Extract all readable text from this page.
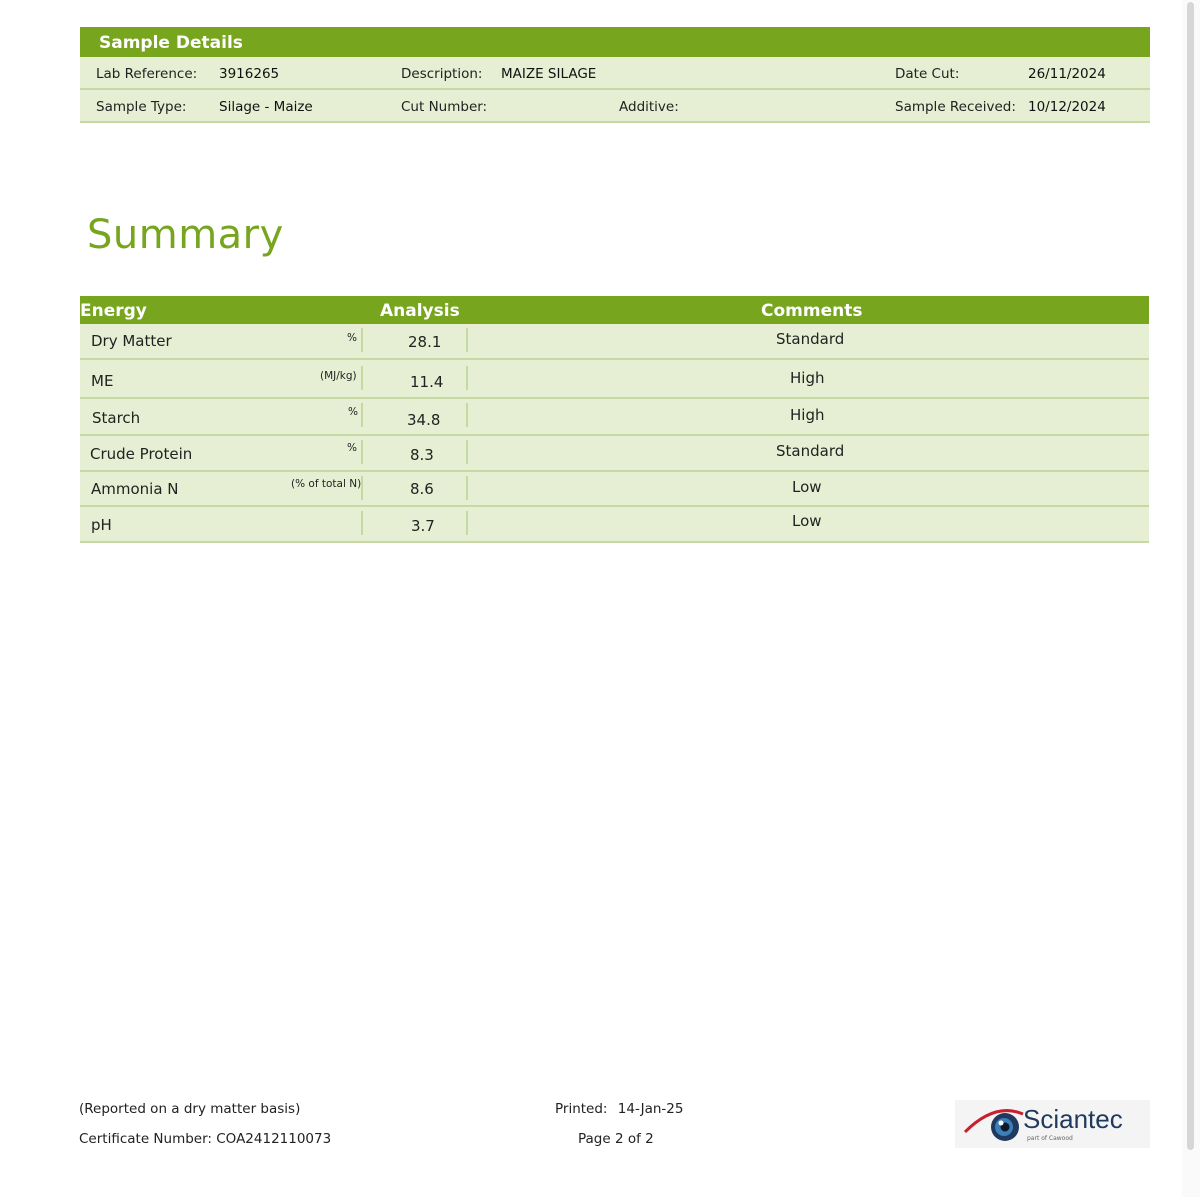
Sample Details
Lab Reference: 3916265	Description: MAIZE SILAGE	Date Cut:	26/11/2024
Sample Type: Silage - Maize	Cut Number:	Additive:	Sample Received: 10/12/2024
Summary
Energy	Analysis	Comments
Dry Matter	%	28.1	Standard
ME	(MJ/kg)	11.4	High
Starch	%	34.8	High
Crude Protein	%	8.3	Standard
Ammonia N	(% of total N)	8.6	Low
pH	3.7	Low
(Reported on a dry matter basis)
Certificate Number: COA2412110073
Printed: 14-Jan-25
Page 2 of 2
Sciantec
part of Cawood
